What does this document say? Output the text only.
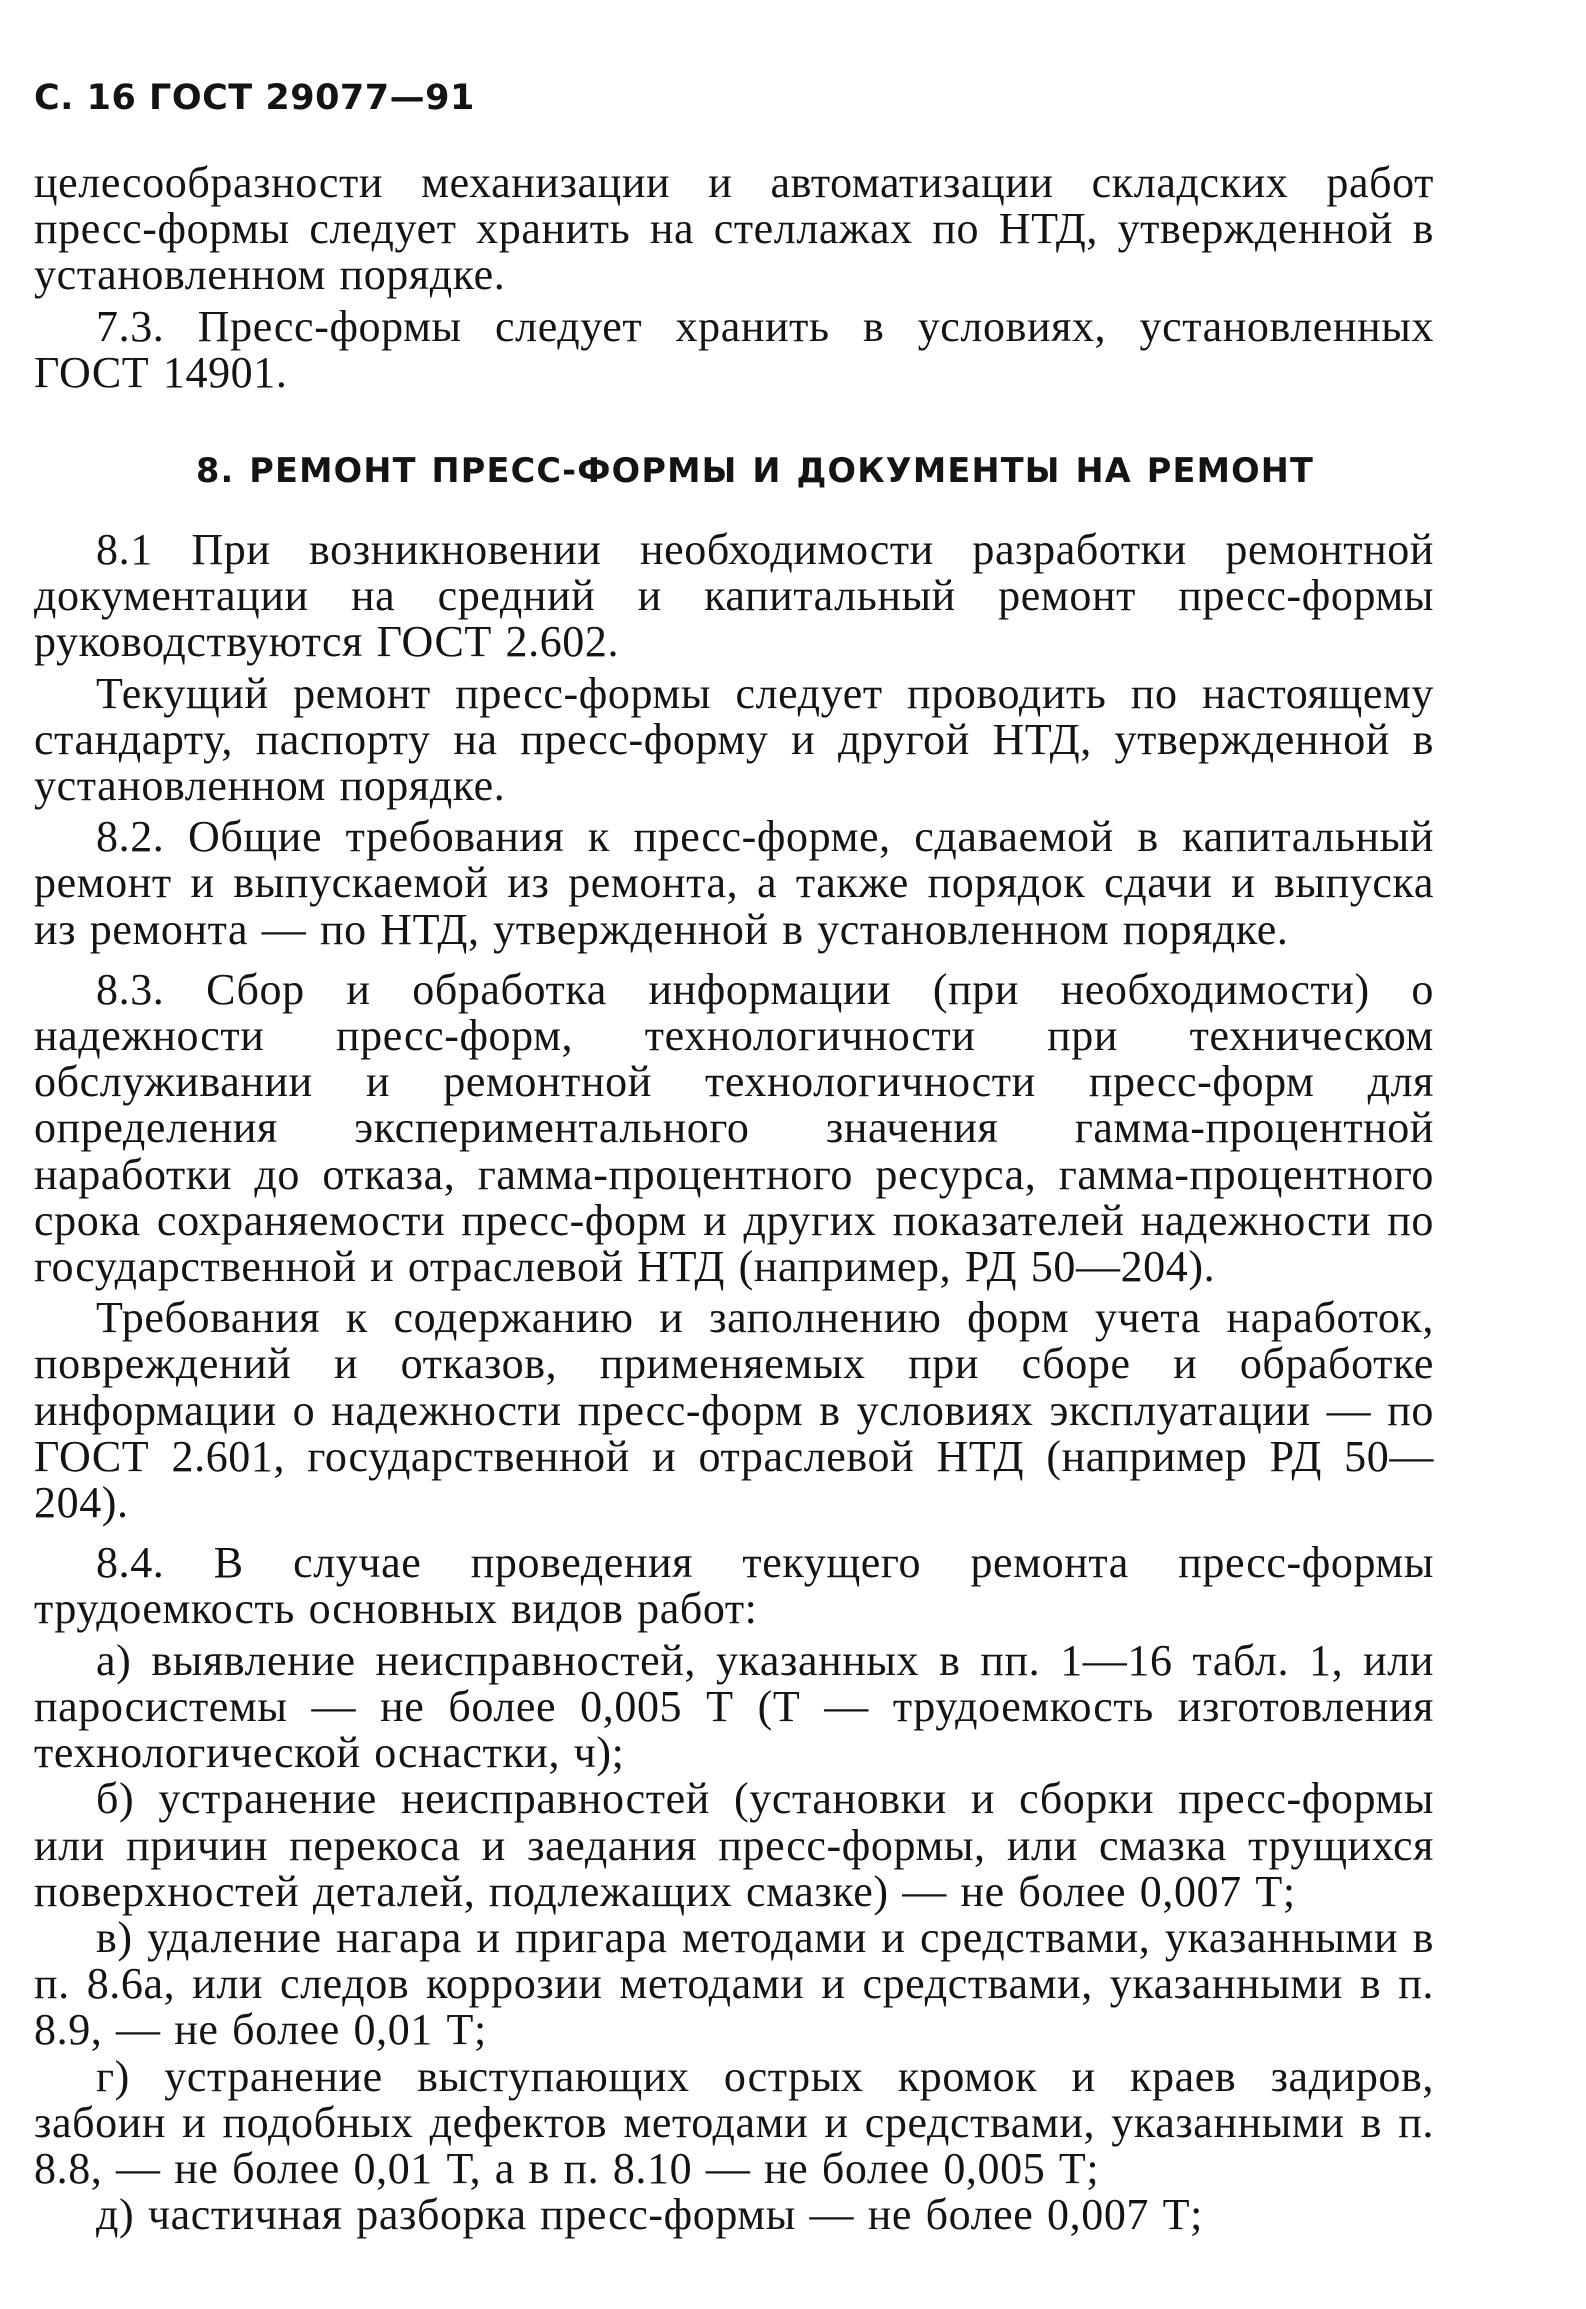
С. 16 ГОСТ 29077—91

целесообразности механизации и автоматизации складских работ пресс-формы следует хранить на стеллажах по НТД, утвержденной в установленном порядке.

7.3. Пресс-формы следует хранить в условиях, установленных ГОСТ 14901.

8. РЕМОНТ ПРЕСС-ФОРМЫ И ДОКУМЕНТЫ НА РЕМОНТ

8.1 При возникновении необходимости разработки ремонтной документации на средний и капитальный ремонт пресс-формы руководствуются ГОСТ 2.602.

Текущий ремонт пресс-формы следует проводить по настоящему стандарту, паспорту на пресс-форму и другой НТД, утвержденной в установленном порядке.

8.2. Общие требования к пресс-форме, сдаваемой в капитальный ремонт и выпускаемой из ремонта, а также порядок сдачи и выпуска из ремонта — по НТД, утвержденной в установленном порядке.

8.3. Сбор и обработка информации (при необходимости) о надежности пресс-форм, технологичности при техническом обслуживании и ремонтной технологичности пресс-форм для определения экспериментального значения гамма-процентной наработки до отказа, гамма-процентного ресурса, гамма-процентного срока сохраняемости пресс-форм и других показателей надежности по государственной и отраслевой НТД (например, РД 50—204).

Требования к содержанию и заполнению форм учета наработок, повреждений и отказов, применяемых при сборе и обработке информации о надежности пресс-форм в условиях эксплуатации — по ГОСТ 2.601, государственной и отраслевой НТД (например РД 50—204).

8.4. В случае проведения текущего ремонта пресс-формы трудоемкость основных видов работ:

а) выявление неисправностей, указанных в пп. 1—16 табл. 1, или паросистемы — не более 0,005 Т (Т — трудоемкость изготовления технологической оснастки, ч);

б) устранение неисправностей (установки и сборки пресс-формы или причин перекоса и заедания пресс-формы, или смазка трущихся поверхностей деталей, подлежащих смазке) — не более 0,007 Т;

в) удаление нагара и пригара методами и средствами, указанными в п. 8.6а, или следов коррозии методами и средствами, указанными в п. 8.9, — не более 0,01 Т;

г) устранение выступающих острых кромок и краев задиров, забоин и подобных дефектов методами и средствами, указанными в п. 8.8, — не более 0,01 Т, а в п. 8.10 — не более 0,005 Т;

д) частичная разборка пресс-формы — не более 0,007 Т;
